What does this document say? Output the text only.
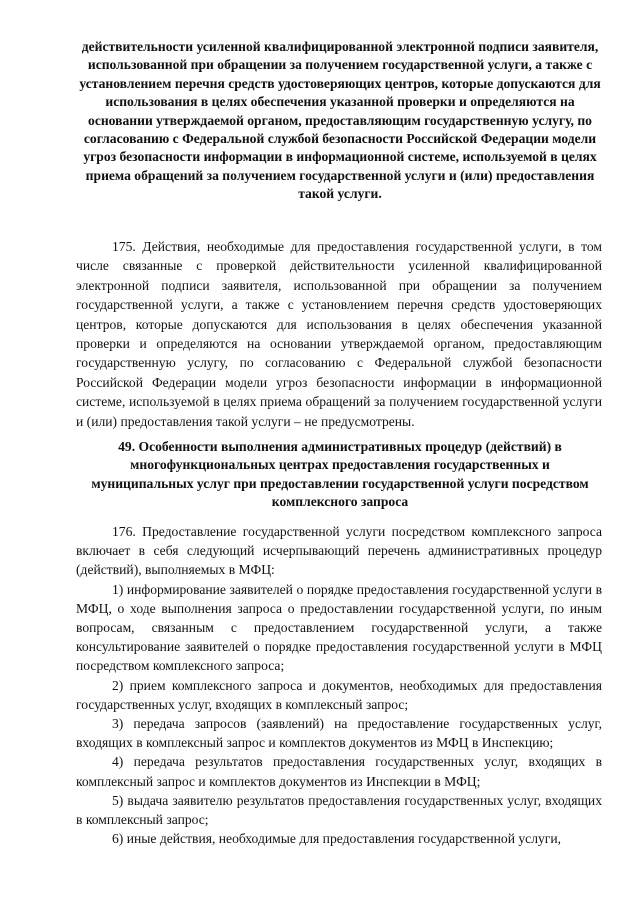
действительности усиленной квалифицированной электронной подписи заявителя, использованной при обращении за получением государственной услуги, а также с установлением перечня средств удостоверяющих центров, которые допускаются для использования в целях обеспечения указанной проверки и определяются на основании утверждаемой органом, предоставляющим государственную услугу, по согласованию с Федеральной службой безопасности Российской Федерации модели угроз безопасности информации в информационной системе, используемой в целях приема обращений за получением государственной услуги и (или) предоставления такой услуги.

175. Действия, необходимые для предоставления государственной услуги, в том числе связанные с проверкой действительности усиленной квалифицированной электронной подписи заявителя, использованной при обращении за получением государственной услуги, а также с установлением перечня средств удостоверяющих центров, которые допускаются для использования в целях обеспечения указанной проверки и определяются на основании утверждаемой органом, предоставляющим государственную услугу, по согласованию с Федеральной службой безопасности Российской Федерации модели угроз безопасности информации в информационной системе, используемой в целях приема обращений за получением государственной услуги и (или) предоставления такой услуги – не предусмотрены.

49. Особенности выполнения административных процедур (действий) в многофункциональных центрах предоставления государственных и муниципальных услуг при предоставлении государственной услуги посредством комплексного запроса

176. Предоставление государственной услуги посредством комплексного запроса включает в себя следующий исчерпывающий перечень административных процедур (действий), выполняемых в МФЦ:

1) информирование заявителей о порядке предоставления государственной услуги в МФЦ, о ходе выполнения запроса о предоставлении государственной услуги, по иным вопросам, связанным с предоставлением государственной услуги, а также консультирование заявителей о порядке предоставления государственной услуги в МФЦ посредством комплексного запроса;

2) прием комплексного запроса и документов, необходимых для предоставления государственных услуг, входящих в комплексный запрос;

3) передача запросов (заявлений) на предоставление государственных услуг, входящих в комплексный запрос и комплектов документов из МФЦ в Инспекцию;

4) передача результатов предоставления государственных услуг, входящих в комплексный запрос и комплектов документов из Инспекции в МФЦ;

5) выдача заявителю результатов предоставления государственных услуг, входящих в комплексный запрос;

6) иные действия, необходимые для предоставления государственной услуги,
